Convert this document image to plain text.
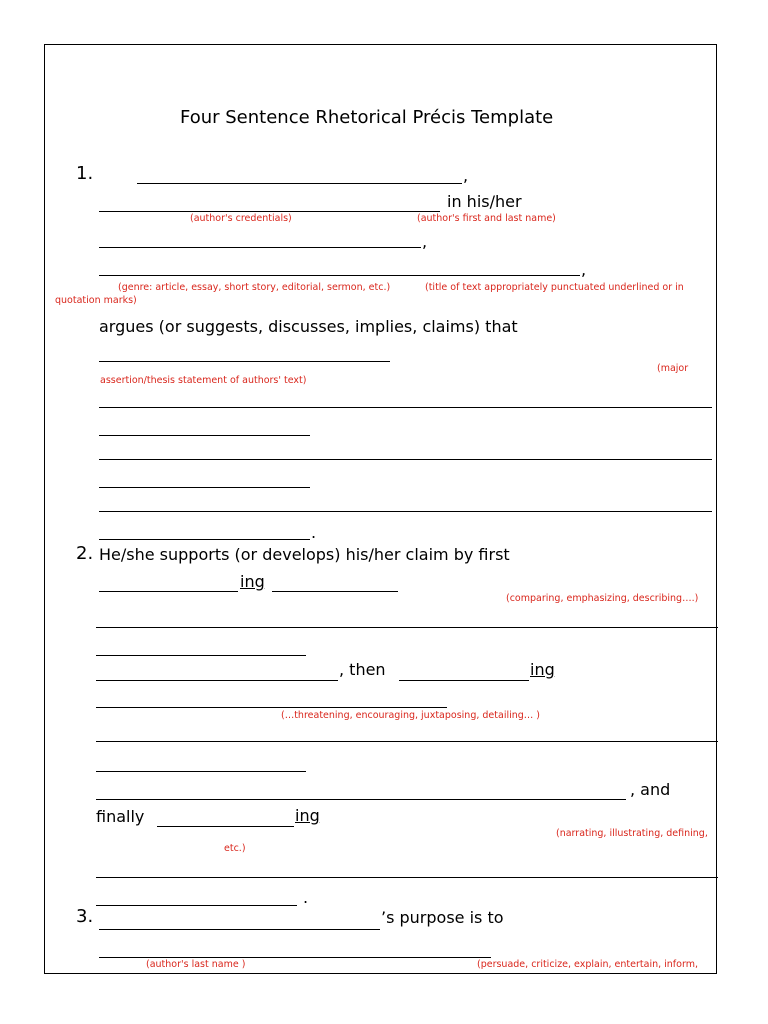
Four Sentence Rhetorical Précis Template
1.	,
in his/her
(author's credentials)	(author's first and last name)
,
,
(genre: article, essay, short story, editorial, sermon, etc.)	(title of text appropriately punctuated underlined or in
quotation marks)
argues (or suggests, discusses, implies, claims) that
(major
assertion/thesis statement of authors' text)
.
2. He/she supports (or develops) his/her claim by first
ing
(comparing, emphasizing, describing….)
, then	ing
(…threatening, encouraging, juxtaposing, detailing… )
, and
finally	ing
(narrating, illustrating, defining,
etc.)
.
3.	’s purpose is to
(author's last name )	(persuade, criticize, explain, entertain, inform,
